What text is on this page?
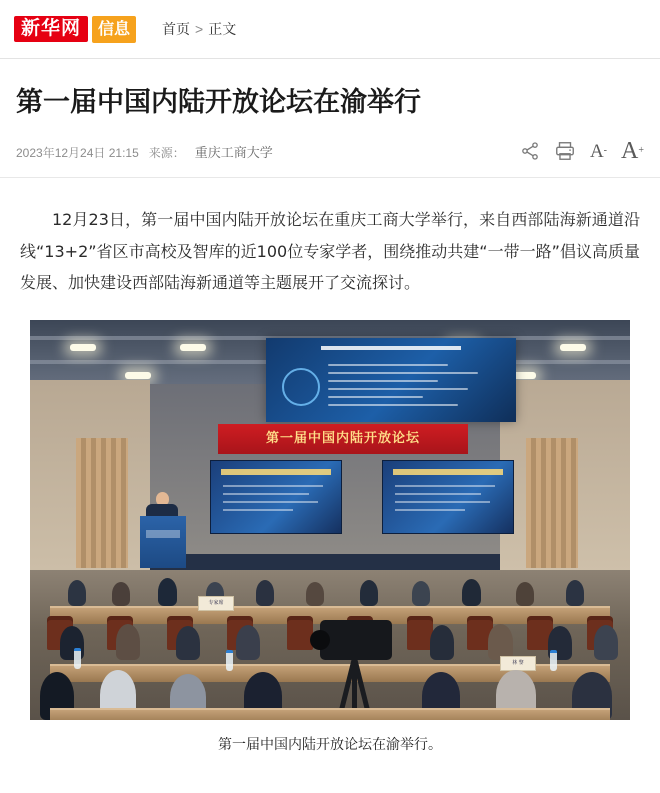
新华网	信息	首页 > 正文
第一届中国内陆开放论坛在渝举行
2023年12月24日 21:15 来源： 重庆工商大学	A - A +

12月23日，第一届中国内陆开放论坛在重庆工商大学举行，来自西部陆海新通道沿线“13+2”省区市高校及智库的近100位专家学者，围绕推动共建“一带一路”倡议高质量发展、加快建设西部陆海新通道等主题展开了交流探讨。

第一届中国内陆开放论坛
专家席
林 黎
第一届中国内陆开放论坛在渝举行。
